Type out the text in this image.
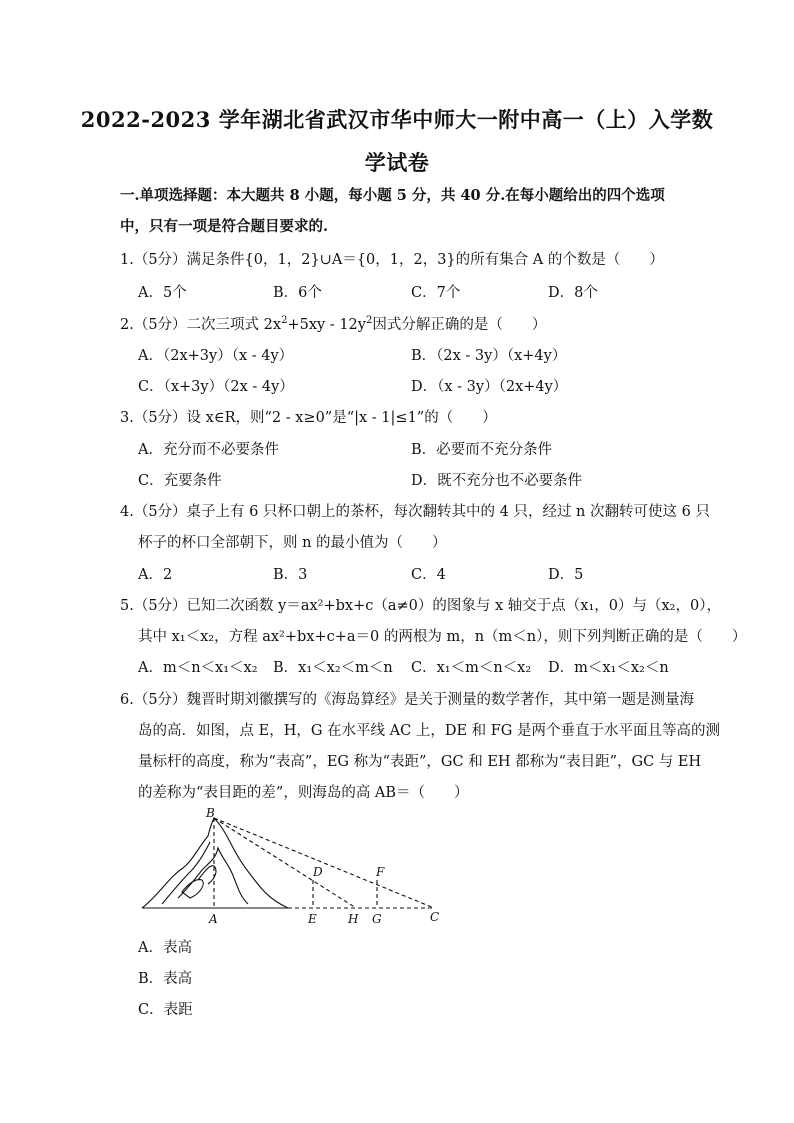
2022-2023 学年湖北省武汉市华中师大一附中高一（上）入学数
学试卷
一.单项选择题：本大题共 8 小题，每小题 5 分，共 40 分.在每小题给出的四个选项中，只有一项是符合题目要求的.
1.（5分）满足条件{0，1，2}∪A＝{0，1，2，3}的所有集合 A 的个数是（　　）
A．5个	B．6个	C．7个	D．8个
2.（5分）二次三项式 $2x^2+5xy - 12y^2$因式分解正确的是（　　）
A．（2x+3y）（x - 4y）	B．（2x - 3y）（x+4y）
C．（x+3y）（2x - 4y）	D．（x - 3y）（2x+4y）
3.（5分）设 x∈R，则“2 - x≥0”是“|x - 1|≤1”的（　　）
A．充分而不必要条件	B．必要而不充分条件
C．充要条件	D．既不充分也不必要条件
4.（5分）桌子上有 6 只杯口朝上的茶杯，每次翻转其中的 4 只，经过 n 次翻转可使这 6 只
杯子的杯口全部朝下，则 n 的最小值为（　　）
A．2	B．3	C．4	D．5
5.（5分）已知二次函数 y＝ax²+bx+c（a≠0）的图象与 x 轴交于点（x₁，0）与（x₂，0），
其中 x₁＜x₂，方程 ax²+bx+c+a＝0 的两根为 m，n（m＜n），则下列判断正确的是（　　）
A．m＜n＜x₁＜x₂ B．x₁＜x₂＜m＜n C．x₁＜m＜n＜x₂ D．m＜x₁＜x₂＜n
6.（5分）魏晋时期刘徽撰写的《海岛算经》是关于测量的数学著作，其中第一题是测量海
岛的高．如图，点 E，H，G 在水平线 AC 上，DE 和 FG 是两个垂直于水平面且等高的测
量标杆的高度，称为“表高”，EG 称为“表距”，GC 和 EH 都称为“表目距”，GC 与 EH
的差称为“表目距的差”，则海岛的高 AB＝（　　）
B
D	F
A	E	H G	C
A．表高
B．表高
C．表距
